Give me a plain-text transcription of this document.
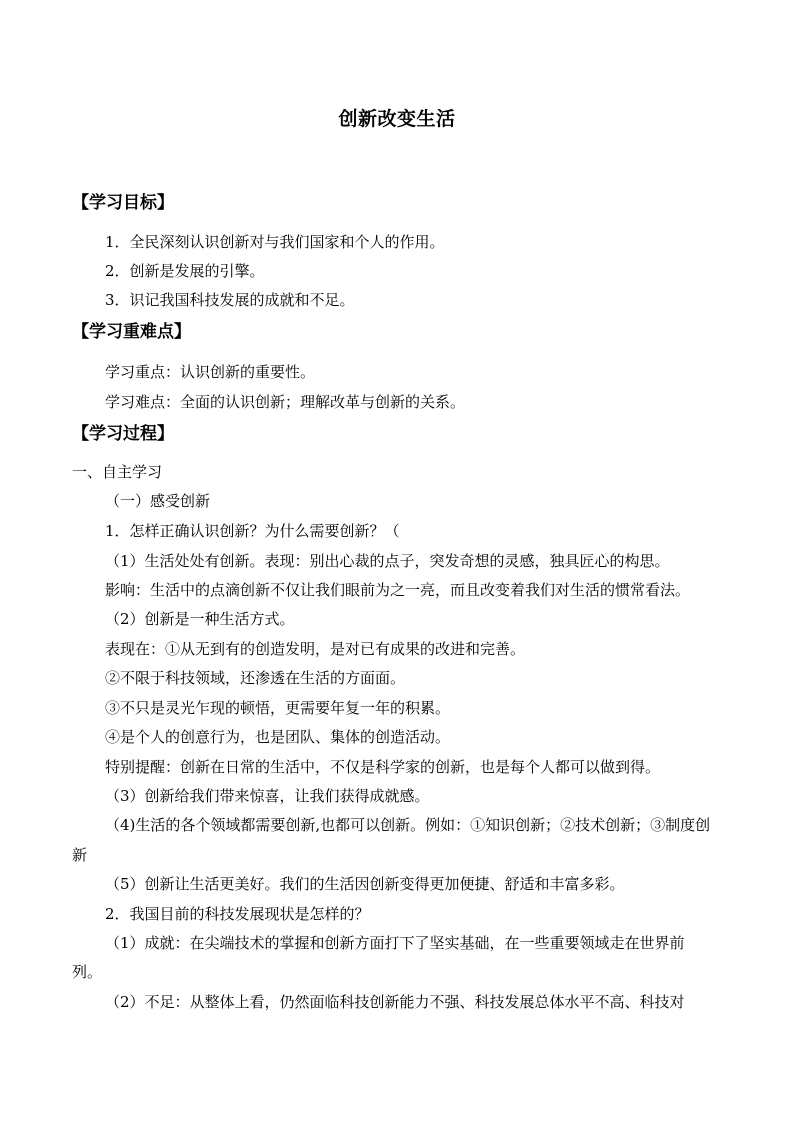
创新改变生活
【学习目标】
1．全民深刻认识创新对与我们国家和个人的作用。
2．创新是发展的引擎。
3．识记我国科技发展的成就和不足。
【学习重难点】
学习重点：认识创新的重要性。
学习难点：全面的认识创新；理解改革与创新的关系。
【学习过程】
一、自主学习
（一）感受创新
1．怎样正确认识创新？为什么需要创新？（
（1）生活处处有创新。表现：别出心裁的点子，突发奇想的灵感，独具匠心的构思。
影响：生活中的点滴创新不仅让我们眼前为之一亮，而且改变着我们对生活的惯常看法。
（2）创新是一种生活方式。
表现在：①从无到有的创造发明，是对已有成果的改进和完善。
②不限于科技领域，还渗透在生活的方面面。
③不只是灵光乍现的顿悟，更需要年复一年的积累。
④是个人的创意行为，也是团队、集体的创造活动。
特别提醒：创新在日常的生活中，不仅是科学家的创新，也是每个人都可以做到得。
（3）创新给我们带来惊喜，让我们获得成就感。
（4)生活的各个领域都需要创新,也都可以创新。例如：①知识创新；②技术创新；③制度创
新
（5）创新让生活更美好。我们的生活因创新变得更加便捷、舒适和丰富多彩。
2．我国目前的科技发展现状是怎样的？
（1）成就：在尖端技术的掌握和创新方面打下了坚实基础，在一些重要领域走在世界前
列。
（2）不足：从整体上看，仍然面临科技创新能力不强、科技发展总体水平不高、科技对
